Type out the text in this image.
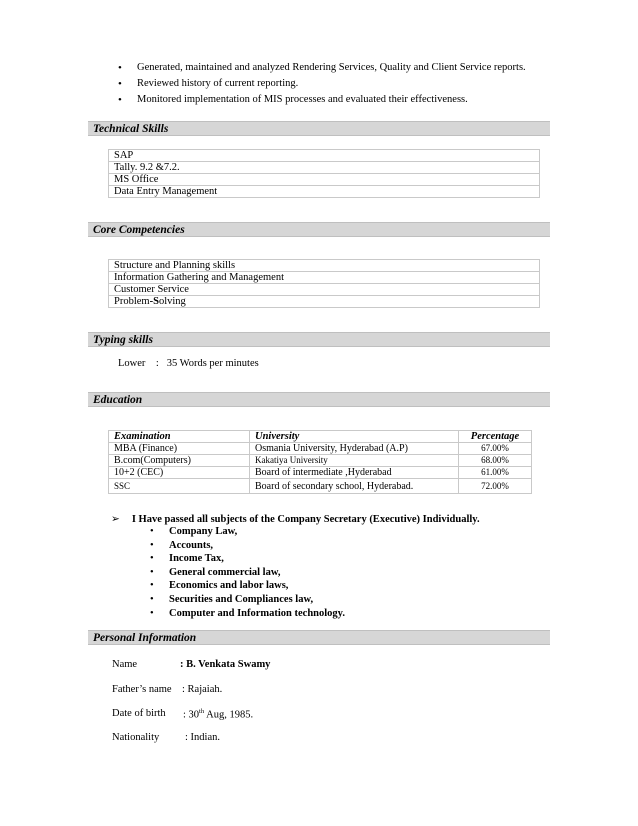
• Generated, maintained and analyzed Rendering Services, Quality and Client Service reports.
• Reviewed history of current reporting.
• Monitored implementation of MIS processes and evaluated their effectiveness.
Technical Skills
SAP
Tally. 9.2 &7.2.
MS Office
Data Entry Management
Core Competencies
Structure and Planning skills
Information Gathering and Management
Customer Service
Problem-Solving
Typing skills
Lower    :   35 Words per minutes
Education
Examination	University	Percentage
MBA (Finance)	Osmania University, Hyderabad (A.P)	67.00%
B.com(Computers)	Kakatiya University	68.00%
10+2 (CEC)	Board of intermediate ,Hyderabad	61.00%
SSC	Board of secondary school, Hyderabad.	72.00%
➢ I Have passed all subjects of the Company Secretary (Executive) Individually.
• Company Law,
• Accounts,
• Income Tax,
• General commercial law,
• Economics and labor laws,
• Securities and Compliances law,
• Computer and Information technology.
Personal Information
Name	: B. Venkata Swamy
Father’s name : Rajaiah.
Date of birth : 30th Aug, 1985.
Nationality : Indian.
